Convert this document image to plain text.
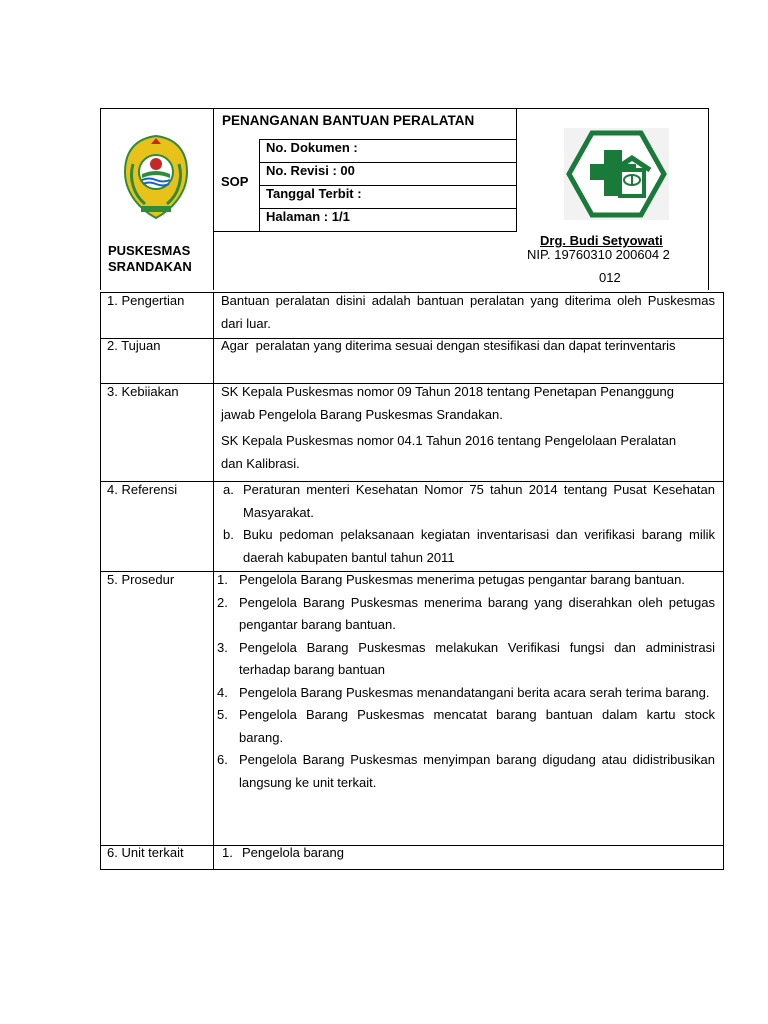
PENANGANAN BANTUAN PERALATAN
SOP
No. Dokumen :
No. Revisi : 00
Tanggal Terbit :
Halaman : 1/1
PUSKESMAS
SRANDAKAN
Drg. Budi Setyowati
NIP. 19760310 200604 2
012
1. Pengertian
2. Tujuan
3. Kebiiakan
4. Referensi
5. Prosedur
6. Unit terkait
Bantuan peralatan disini adalah bantuan peralatan yang diterima oleh Puskesmas dari luar.
Agar  peralatan yang diterima sesuai dengan stesifikasi dan dapat terinventaris
SK Kepala Puskesmas nomor 09 Tahun 2018 tentang Penetapan Penanggung jawab Pengelola Barang Puskesmas Srandakan.
SK Kepala Puskesmas nomor 04.1 Tahun 2016 tentang Pengelolaan Peralatan dan Kalibrasi.
a. Peraturan menteri Kesehatan Nomor 75 tahun 2014 tentang Pusat Kesehatan Masyarakat.
b. Buku pedoman pelaksanaan kegiatan inventarisasi dan verifikasi barang milik daerah kabupaten bantul tahun 2011
1. Pengelola Barang Puskesmas menerima petugas pengantar barang bantuan.
2. Pengelola Barang Puskesmas menerima barang yang diserahkan oleh petugas pengantar barang bantuan.
3. Pengelola Barang Puskesmas melakukan Verifikasi fungsi dan administrasi terhadap barang bantuan
4. Pengelola Barang Puskesmas menandatangani berita acara serah terima barang.
5. Pengelola Barang Puskesmas mencatat barang bantuan dalam kartu stock barang.
6. Pengelola Barang Puskesmas menyimpan barang digudang atau didistribusikan langsung ke unit terkait.
1. Pengelola barang
